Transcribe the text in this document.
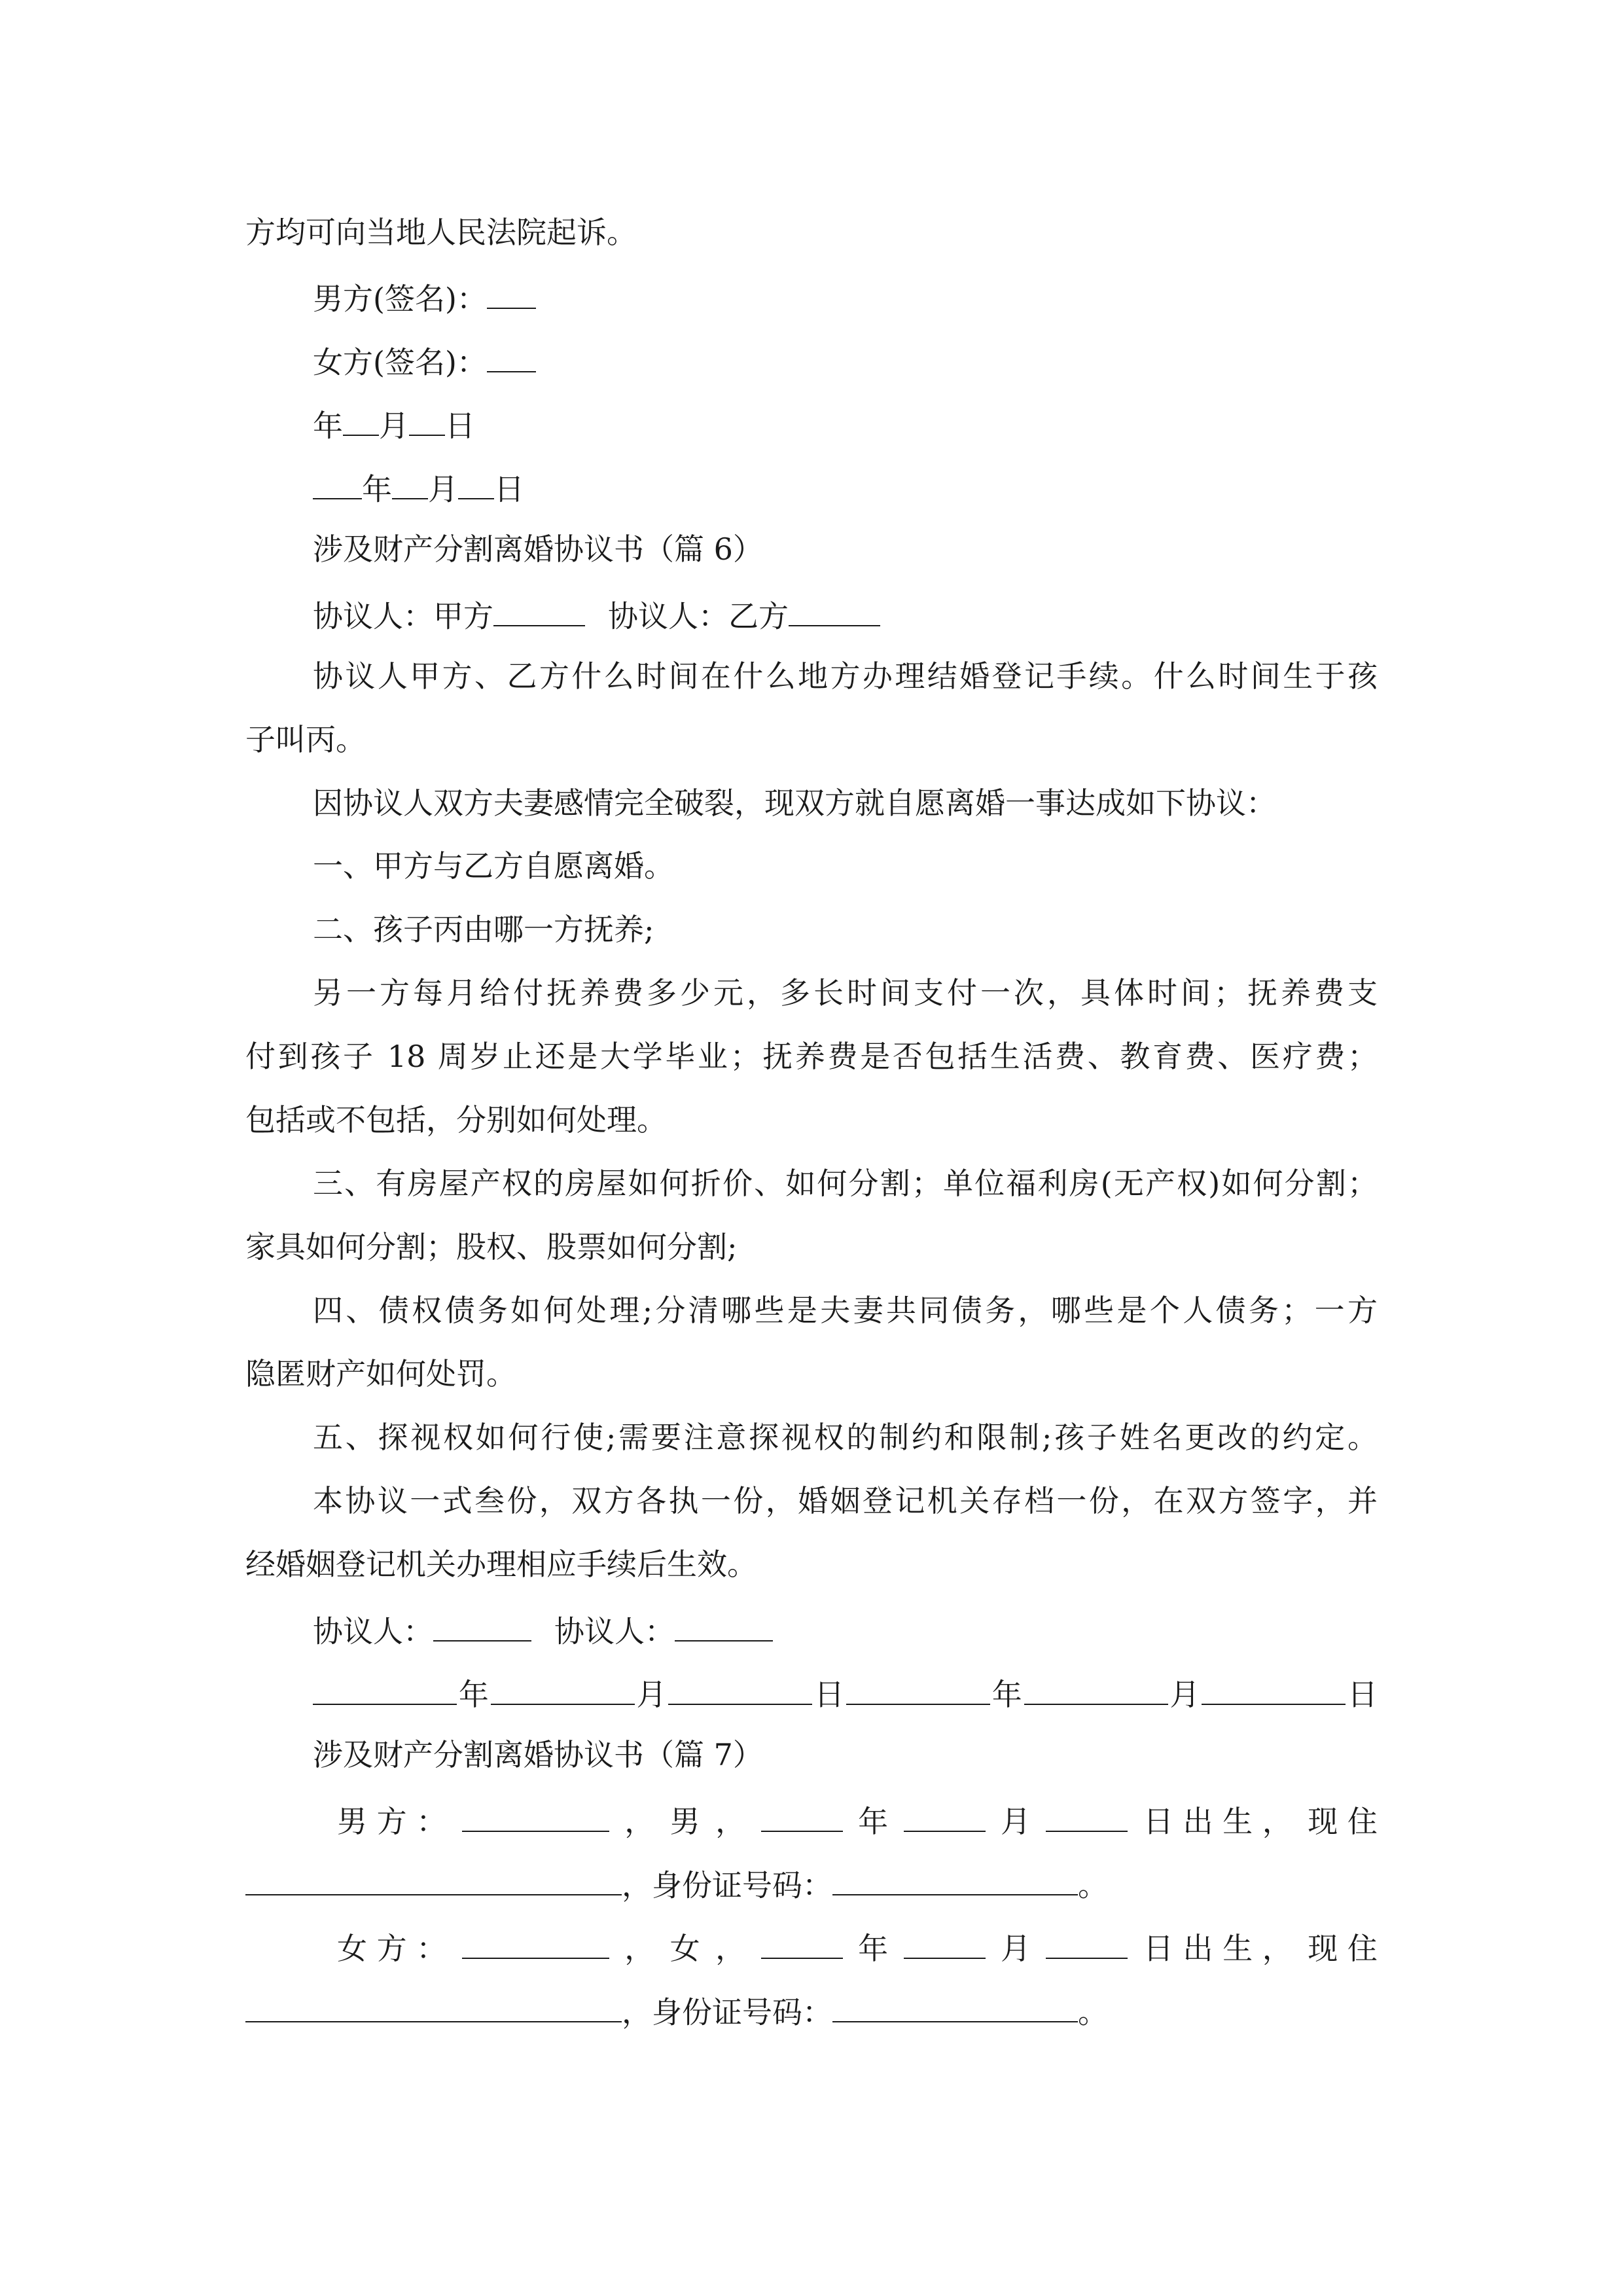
方均可向当地人民法院起诉。
男方(签名)：
女方(签名)：
年 月 日
年 月 日
涉及财产分割离婚协议书（篇 6）
协议人：甲方	协议人：乙方
协议人甲方、乙方什么时间在什么地方办理结婚登记手续。什么时间生于孩
子叫丙。
因协议人双方夫妻感情完全破裂，现双方就自愿离婚一事达成如下协议：
一、甲方与乙方自愿离婚。
二、孩子丙由哪一方抚养;
另一方每月给付抚养费多少元，多长时间支付一次，具体时间；抚养费支
付到孩子 18 周岁止还是大学毕业；抚养费是否包括生活费、教育费、医疗费；
包括或不包括，分别如何处理。
三、有房屋产权的房屋如何折价、如何分割；单位福利房(无产权)如何分割；
家具如何分割；股权、股票如何分割;
四、债权债务如何处理;分清哪些是夫妻共同债务，哪些是个人债务；一方
隐匿财产如何处罚。
五、探视权如何行使;需要注意探视权的制约和限制;孩子姓名更改的约定。
本协议一式叁份，双方各执一份，婚姻登记机关存档一份，在双方签字，并
经婚姻登记机关办理相应手续后生效。
协议人：	协议人：
年	月	日	年	月	日
涉及财产分割离婚协议书（篇 7）
男 方 ：	， 男 ，	年	月	日 出 生 ， 现 住
，身份证号码：	。
女 方 ：	， 女 ，	年	月	日 出 生 ， 现 住
，身份证号码：	。
